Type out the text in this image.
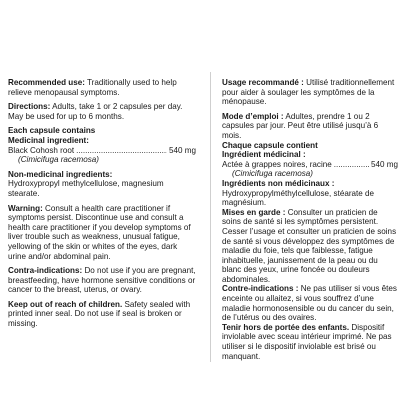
Recommended use: Traditionally used to help relieve menopausal symptoms.

Directions: Adults, take 1 or 2 capsules per day. May be used for up to 6 months.

Each capsule contains
Medicinal ingredient:
Black Cohosh root .....	540 mg
(Cimicifuga racemosa)
Non-medicinal ingredients:
Hydroxypropyl methylcellulose, magnesium stearate.

Warning: Consult a health care practitioner if symptoms persist. Discontinue use and consult a health care practitioner if you develop symptoms of liver trouble such as weakness, unusual fatigue, yellowing of the skin or whites of the eyes, dark urine and/or abdominal pain.

Contra-indications: Do not use if you are pregnant, breastfeeding, have hormone sensitive conditions or cancer to the breast, uterus, or ovary.

Keep out of reach of children. Safety sealed with printed inner seal. Do not use if seal is broken or missing.

Usage recommandé : Utilisé traditionnellement pour aider à soulager les symptômes de la ménopause.

Mode d’emploi : Adultes, prendre 1 ou 2 capsules par jour. Peut être utilisé jusqu’à 6 mois.

Chaque capsule contient
Ingrédient médicinal :
Actée à grappes noires, racine .....	540 mg
(Cimicifuga racemosa)
Ingrédients non médicinaux :
Hydroxypropylméthylcellulose, stéarate de magnésium.

Mises en garde : Consulter un praticien de soins de santé si les symptômes persistent. Cesser l’usage et consulter un praticien de soins de santé si vous développez des symptômes de maladie du foie, tels que faiblesse, fatigue inhabituelle, jaunissement de la peau ou du blanc des yeux, urine foncée ou douleurs abdominales.

Contre-indications : Ne pas utiliser si vous êtes enceinte ou allaitez, si vous souffrez d’une maladie hormonosensible ou du cancer du sein, de l’utérus ou des ovaires.

Tenir hors de portée des enfants. Dispositif inviolable avec sceau intérieur imprimé. Ne pas utiliser si le dispositif inviolable est brisé ou manquant.
